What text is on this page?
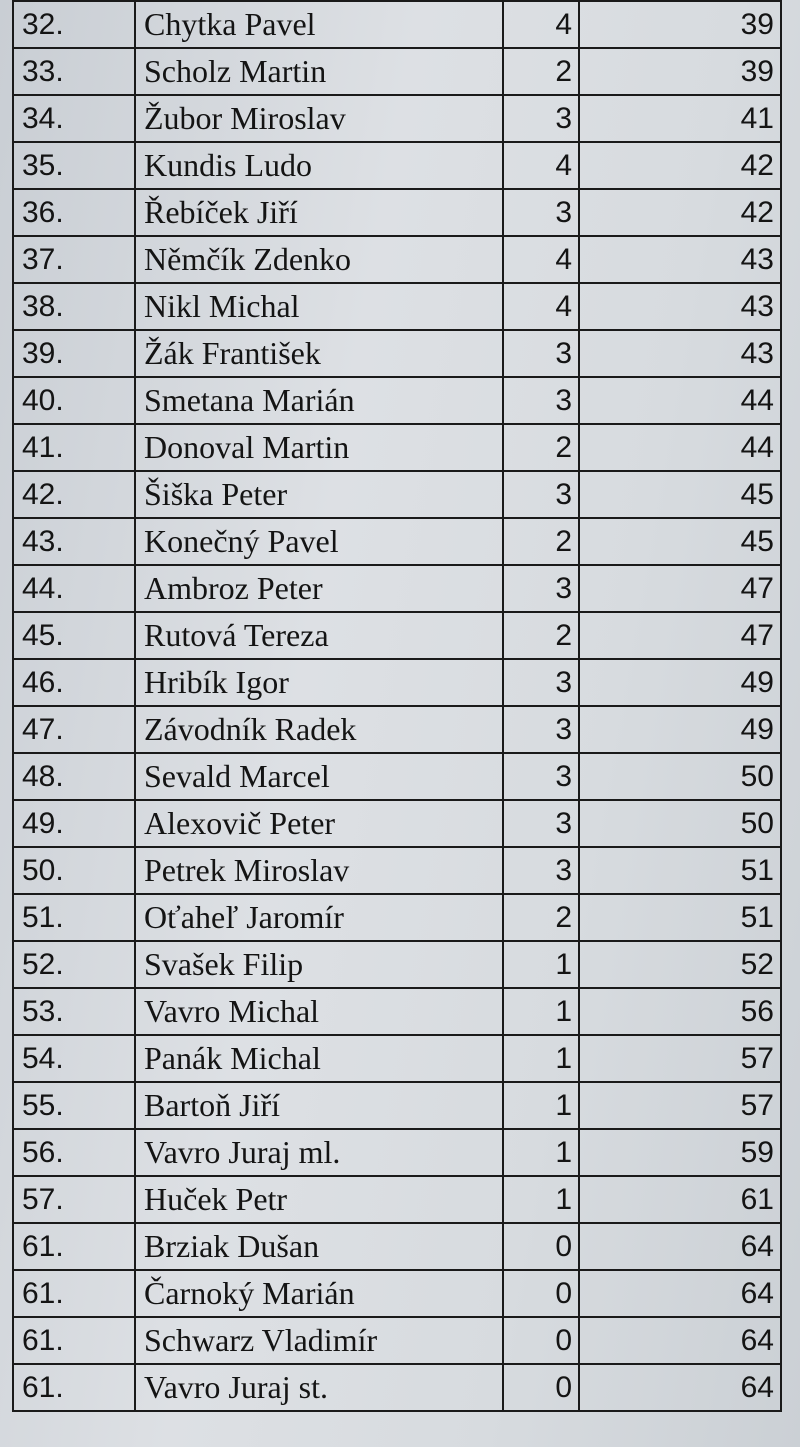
32.	Chytka Pavel	4	39
33.	Scholz Martin	2	39
34.	Žubor Miroslav	3	41
35.	Kundis Ludo	4	42
36.	Řebíček Jiří	3	42
37.	Němčík Zdenko	4	43
38.	Nikl Michal	4	43
39.	Žák František	3	43
40.	Smetana Marián	3	44
41.	Donoval Martin	2	44
42.	Šiška Peter	3	45
43.	Konečný Pavel	2	45
44.	Ambroz Peter	3	47
45.	Rutová Tereza	2	47
46.	Hribík Igor	3	49
47.	Závodník Radek	3	49
48.	Sevald Marcel	3	50
49.	Alexovič Peter	3	50
50.	Petrek Miroslav	3	51
51.	Oťaheľ Jaromír	2	51
52.	Svašek Filip	1	52
53.	Vavro Michal	1	56
54.	Panák Michal	1	57
55.	Bartoň Jiří	1	57
56.	Vavro Juraj ml.	1	59
57.	Huček Petr	1	61
61.	Brziak Dušan	0	64
61.	Čarnoký Marián	0	64
61.	Schwarz Vladimír	0	64
61.	Vavro Juraj st.	0	64
